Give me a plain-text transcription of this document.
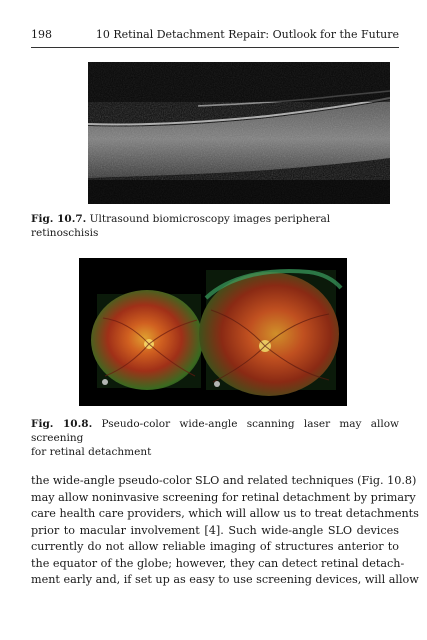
198	10 Retinal Detachment Repair: Outlook for the Future
Fig. 10.7. Ultrasound biomicroscopy images peripheral retinoschisis
Fig. 10.8. Pseudo-color wide-angle scanning laser may allow screening
for retinal detachment
the wide-angle pseudo-color SLO and related techniques (Fig. 10.8)
may allow noninvasive screening for retinal detachment by primary
care health care providers, which will allow us to treat detachments
prior to macular involvement [4]. Such wide-angle SLO devices
currently do not allow reliable imaging of structures anterior to
the equator of the globe; however, they can detect retinal detach-
ment early and, if set up as easy to use screening devices, will allow
